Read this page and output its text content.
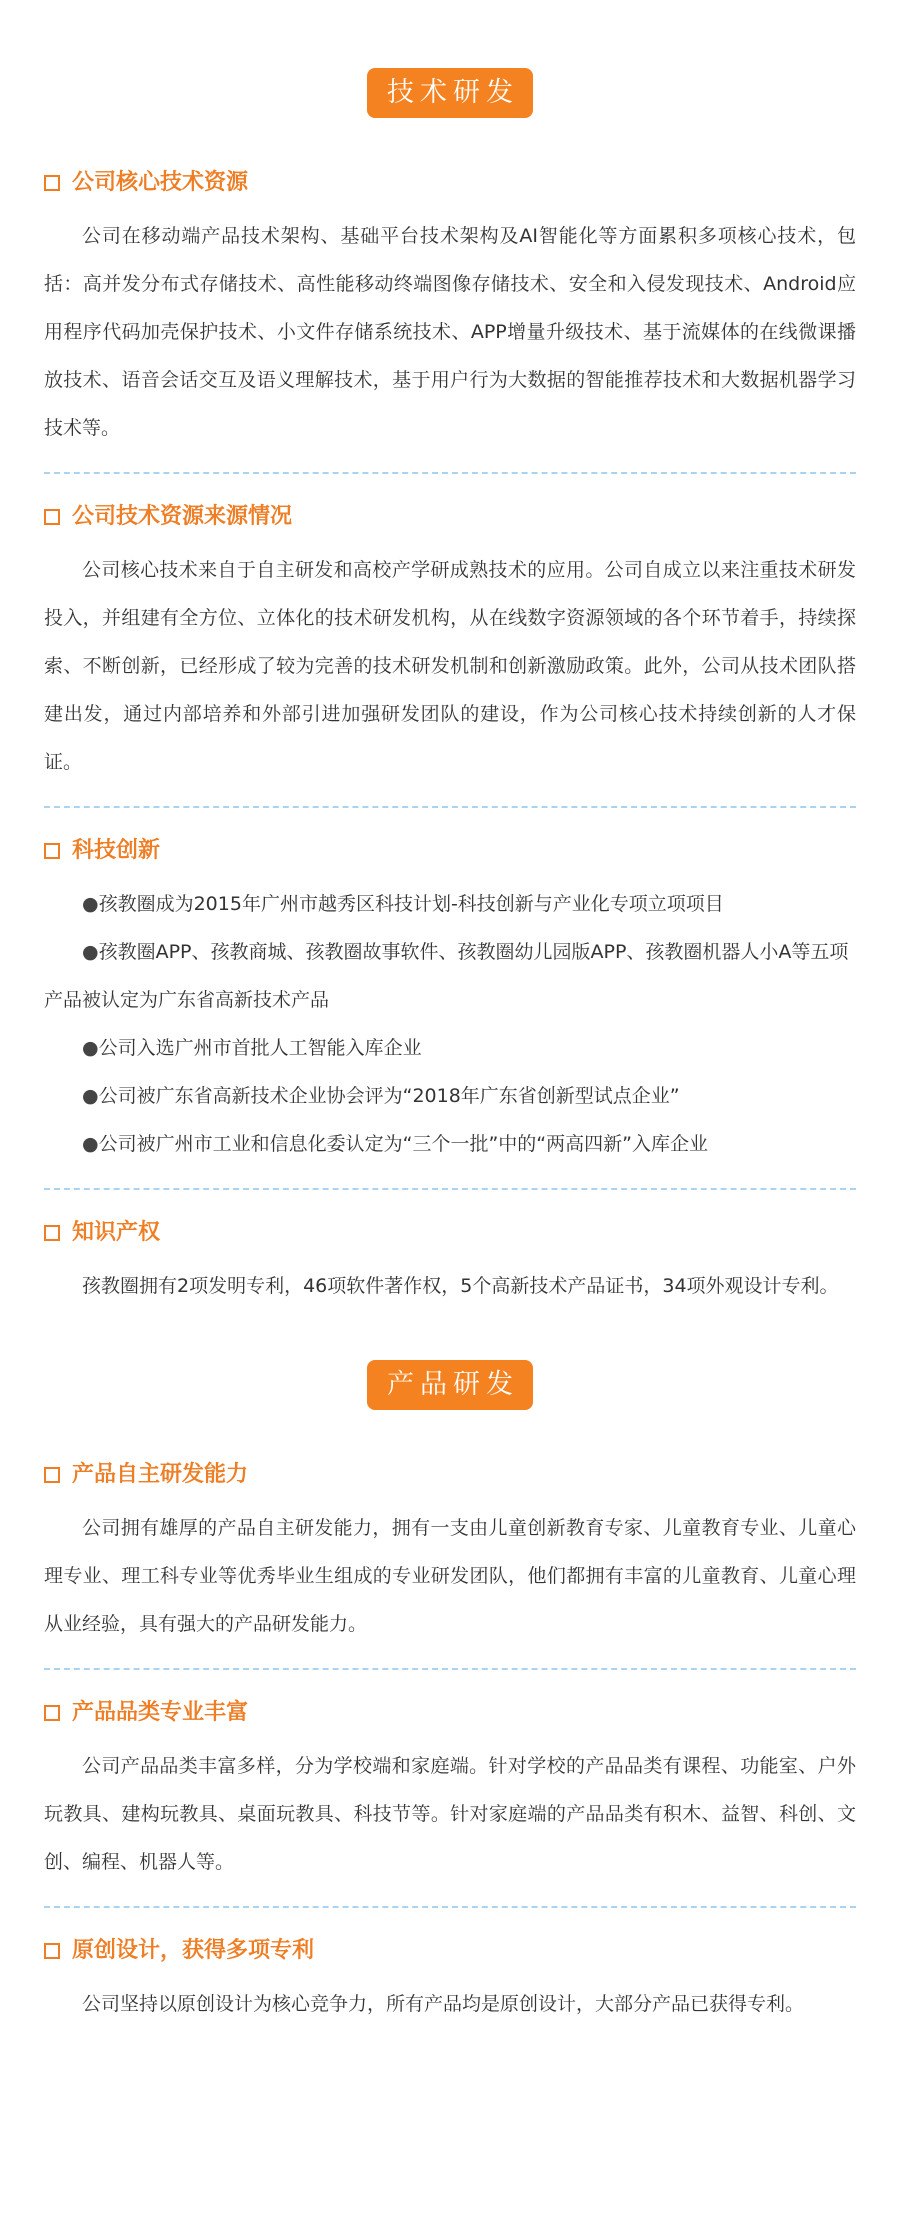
技术研发
公司核心技术资源

公司在移动端产品技术架构、基础平台技术架构及AI智能化等方面累积多项核心技术，包括：高并发分布式存储技术、高性能移动终端图像存储技术、安全和入侵发现技术、Android应用程序代码加壳保护技术、小文件存储系统技术、APP增量升级技术、基于流媒体的在线微课播放技术、语音会话交互及语义理解技术，基于用户行为大数据的智能推荐技术和大数据机器学习技术等。

公司技术资源来源情况

公司核心技术来自于自主研发和高校产学研成熟技术的应用。公司自成立以来注重技术研发投入，并组建有全方位、立体化的技术研发机构，从在线数字资源领域的各个环节着手，持续探索、不断创新，已经形成了较为完善的技术研发机制和创新激励政策。此外，公司从技术团队搭建出发，通过内部培养和外部引进加强研发团队的建设，作为公司核心技术持续创新的人才保证。

科技创新
●孩教圈成为2015年广州市越秀区科技计划-科技创新与产业化专项立项项目
●孩教圈APP、孩教商城、孩教圈故事软件、孩教圈幼儿园版APP、孩教圈机器人小A等五项产品被认定为广东省高新技术产品
●公司入选广州市首批人工智能入库企业
●公司被广东省高新技术企业协会评为“2018年广东省创新型试点企业”
●公司被广州市工业和信息化委认定为“三个一批”中的“两高四新”入库企业
知识产权

孩教圈拥有2项发明专利，46项软件著作权，5个高新技术产品证书，34项外观设计专利。

产品研发
产品自主研发能力

公司拥有雄厚的产品自主研发能力，拥有一支由儿童创新教育专家、儿童教育专业、儿童心理专业、理工科专业等优秀毕业生组成的专业研发团队，他们都拥有丰富的儿童教育、儿童心理从业经验，具有强大的产品研发能力。

产品品类专业丰富

公司产品品类丰富多样，分为学校端和家庭端。针对学校的产品品类有课程、功能室、户外玩教具、建构玩教具、桌面玩教具、科技节等。针对家庭端的产品品类有积木、益智、科创、文创、编程、机器人等。

原创设计，获得多项专利

公司坚持以原创设计为核心竞争力，所有产品均是原创设计，大部分产品已获得专利。
